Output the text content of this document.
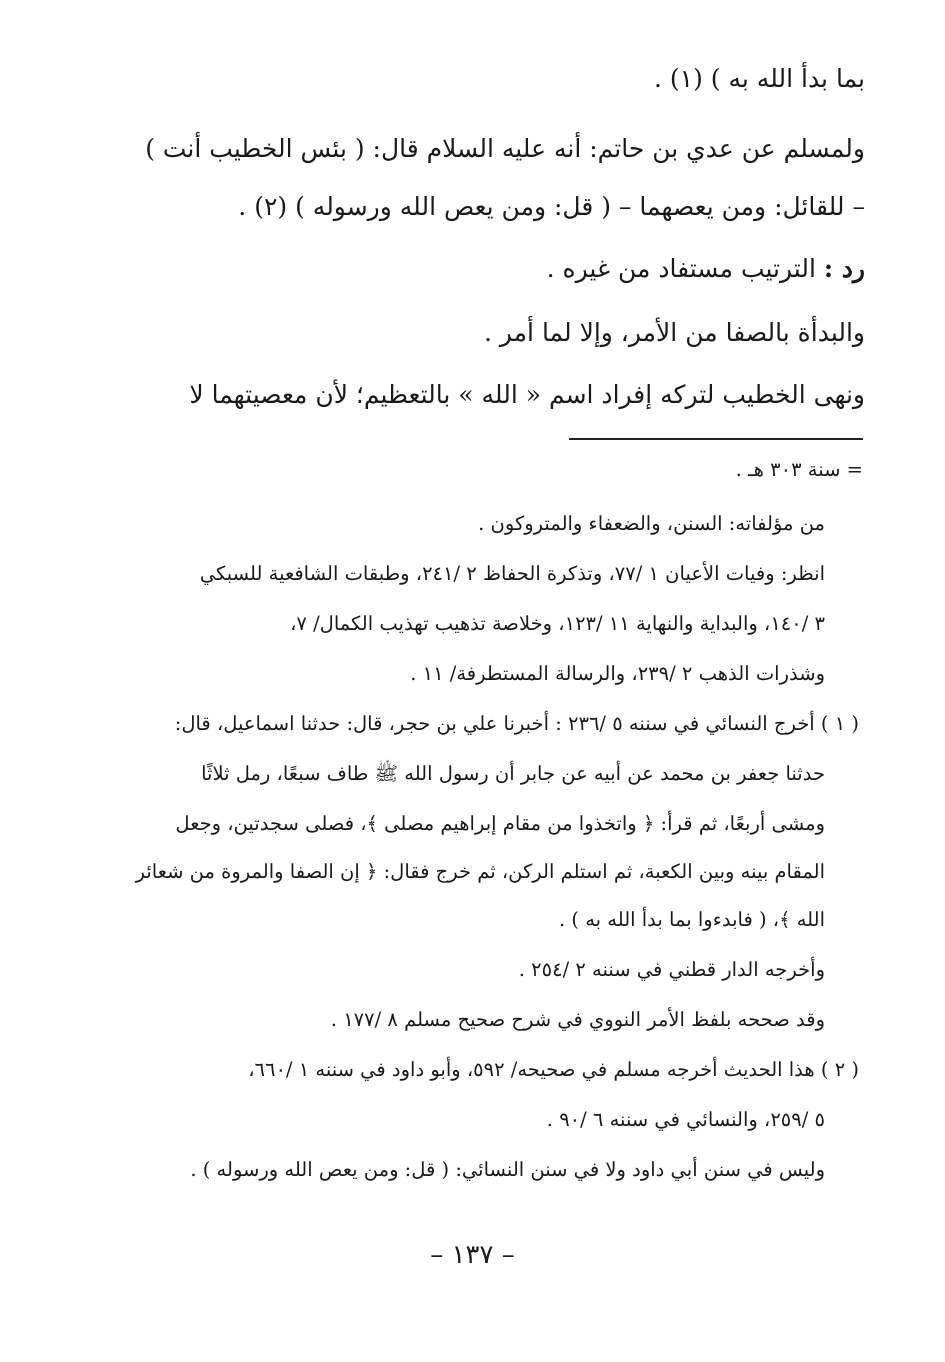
بما بدأ الله به ) (١) .
ولمسلم عن عدي بن حاتم: أنه عليه السلام قال: ( بئس الخطيب أنت )
– للقائل: ومن يعصهما – ( قل: ومن يعص الله ورسوله ) (٢) .
رد : الترتيب مستفاد من غيره .
والبدأة بالصفا من الأمر، وإلا لما أمر .
ونهى الخطيب لتركه إفراد اسم « الله » بالتعظيم؛ لأن معصيتهما لا
= سنة ٣٠٣ هـ .
من مؤلفاته: السنن، والضعفاء والمتروكون .
انظر: وفيات الأعيان ١ /٧٧، وتذكرة الحفاظ ٢ /٢٤١، وطبقات الشافعية للسبكي
٣ /١٤٠، والبداية والنهاية ١١ /١٢٣، وخلاصة تذهيب تهذيب الكمال/ ٧،
وشذرات الذهب ٢ /٢٣٩، والرسالة المستطرفة/ ١١ .
( ١ ) أخرج النسائي في سننه ٥ /٢٣٦ : أخبرنا علي بن حجر، قال: حدثنا اسماعيل، قال:
حدثنا جعفر بن محمد عن أبيه عن جابر أن رسول الله ﷺ طاف سبعًا، رمل ثلاثًا
ومشى أربعًا، ثم قرأ: ﴿ واتخذوا من مقام إبراهيم مصلى ﴾، فصلى سجدتين، وجعل
المقام بينه وبين الكعبة، ثم استلم الركن، ثم خرج فقال: ﴿ إن الصفا والمروة من شعائر
الله ﴾، ( فابدءوا بما بدأ الله به ) .
وأخرجه الدار قطني في سننه ٢ /٢٥٤ .
وقد صححه بلفظ الأمر النووي في شرح صحيح مسلم ٨ /١٧٧ .
( ٢ ) هذا الحديث أخرجه مسلم في صحيحه/ ٥٩٢، وأبو داود في سننه ١ /٦٦٠،
٥ /٢٥٩، والنسائي في سننه ٦ /٩٠ .
وليس في سنن أبي داود ولا في سنن النسائي: ( قل: ومن يعص الله ورسوله ) .
– ١٣٧ –
